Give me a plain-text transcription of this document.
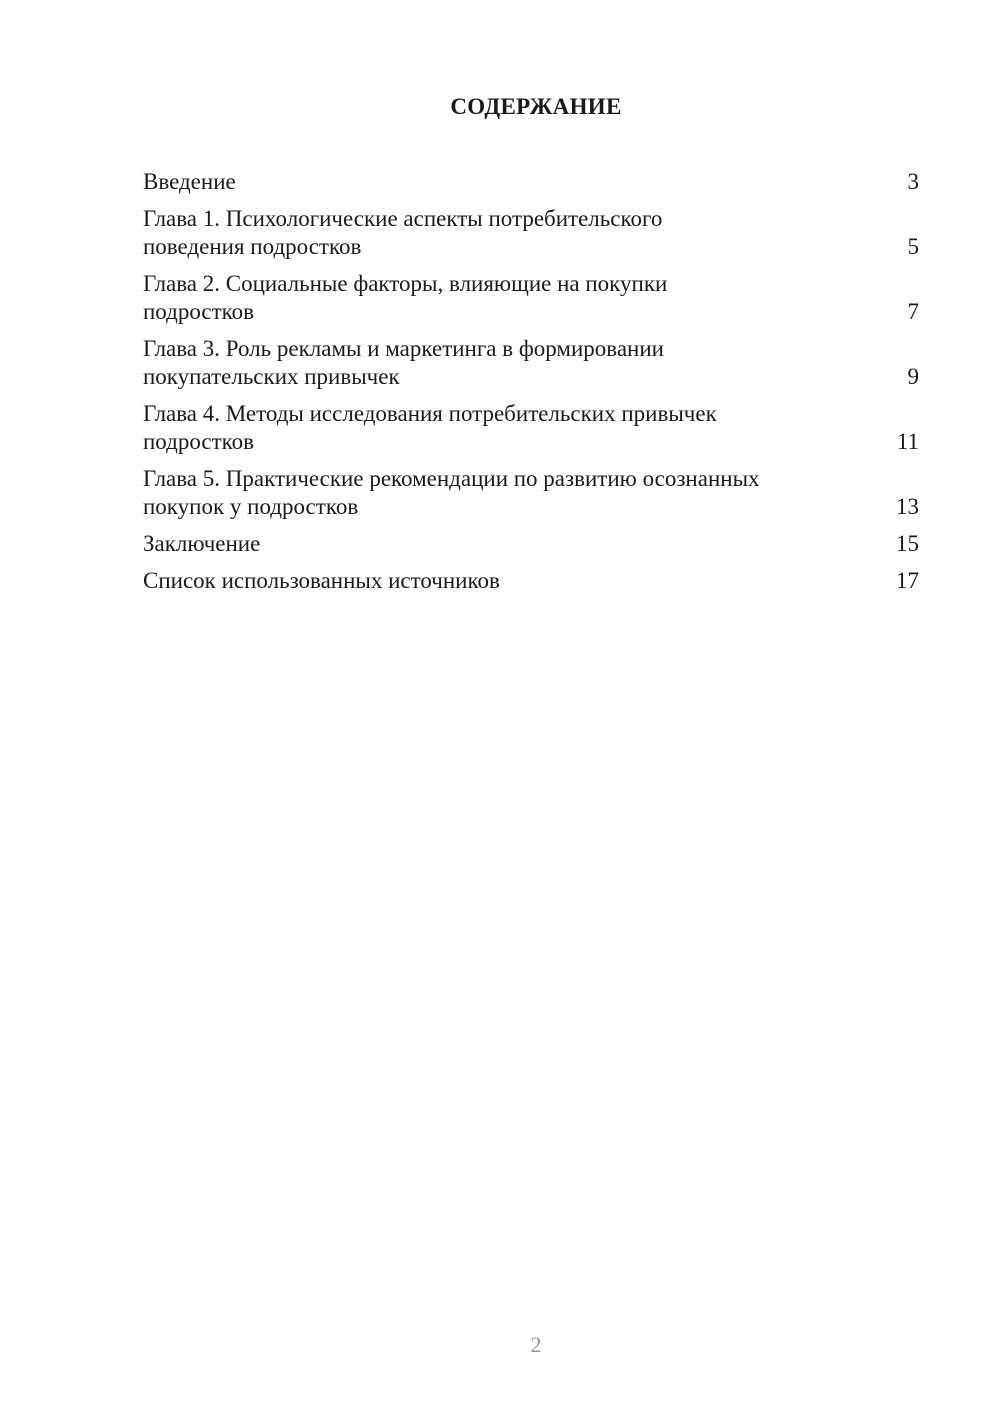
СОДЕРЖАНИЕ
Введение	3
Глава 1. Психологические аспекты потребительского
поведения подростков	5
Глава 2. Социальные факторы, влияющие на покупки
подростков	7
Глава 3. Роль рекламы и маркетинга в формировании
покупательских привычек	9
Глава 4. Методы исследования потребительских привычек
подростков	11
Глава 5. Практические рекомендации по развитию осознанных
покупок у подростков	13
Заключение	15
Список использованных источников	17
2
